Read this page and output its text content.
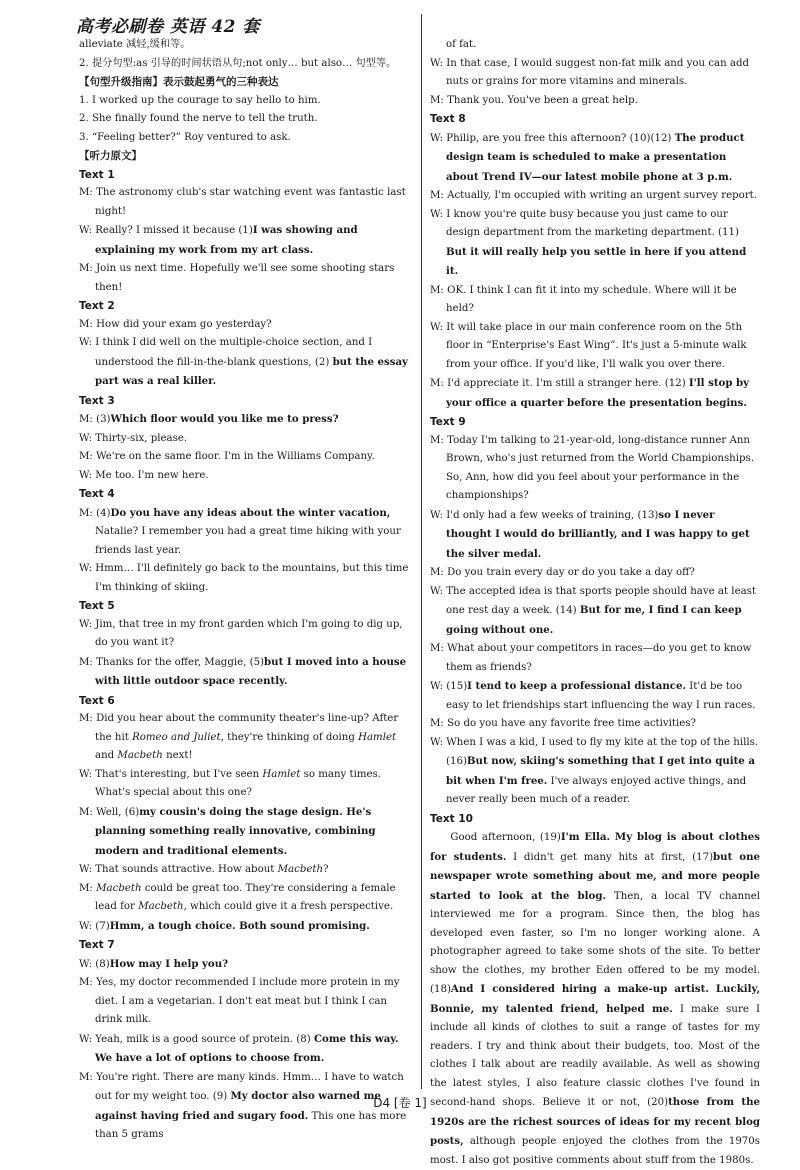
高考必刷卷 英语 42 套
alleviate 减轻,缓和等。
2. 提分句型:as 引导的时间状语从句;not only… but also… 句型等。
【句型升级指南】表示鼓起勇气的三种表达
1. I worked up the courage to say hello to him.
2. She finally found the nerve to tell the truth.
3. “Feeling better?” Roy ventured to ask.
【听力原文】
Text 1
M: The astronomy club's star watching event was fantastic last night!
W: Really? I missed it because (1)I was showing and explaining my work from my art class.
M: Join us next time. Hopefully we'll see some shooting stars then!
Text 2
M: How did your exam go yesterday?
W: I think I did well on the multiple-choice section, and I understood the fill-in-the-blank questions, (2) but the essay part was a real killer.
Text 3
M: (3)Which floor would you like me to press?
W: Thirty-six, please.
M: We're on the same floor. I'm in the Williams Company.
W: Me too. I'm new here.
Text 4
M: (4)Do you have any ideas about the winter vacation, Natalie? I remember you had a great time hiking with your friends last year.
W: Hmm… I'll definitely go back to the mountains, but this time I'm thinking of skiing.
Text 5
W: Jim, that tree in my front garden which I'm going to dig up, do you want it?
M: Thanks for the offer, Maggie, (5)but I moved into a house with little outdoor space recently.
Text 6
M: Did you hear about the community theater's line-up? After the hit Romeo and Juliet, they're thinking of doing Hamlet and Macbeth next!
W: That's interesting, but I've seen Hamlet so many times. What's special about this one?
M: Well, (6)my cousin's doing the stage design. He's planning something really innovative, combining modern and traditional elements.
W: That sounds attractive. How about Macbeth?
M: Macbeth could be great too. They're considering a female lead for Macbeth, which could give it a fresh perspective.
W: (7)Hmm, a tough choice. Both sound promising.
Text 7
W: (8)How may I help you?
M: Yes, my doctor recommended I include more protein in my diet. I am a vegetarian. I don't eat meat but I think I can drink milk.
W: Yeah, milk is a good source of protein. (8) Come this way. We have a lot of options to choose from.
M: You're right. There are many kinds. Hmm… I have to watch out for my weight too. (9) My doctor also warned me against having fried and sugary food. This one has more than 5 grams
of fat.
W: In that case, I would suggest non-fat milk and you can add nuts or grains for more vitamins and minerals.
M: Thank you. You've been a great help.
Text 8
W: Philip, are you free this afternoon? (10)(12) The product design team is scheduled to make a presentation about Trend IV—our latest mobile phone at 3 p.m.
M: Actually, I'm occupied with writing an urgent survey report.
W: I know you're quite busy because you just came to our design department from the marketing department. (11) But it will really help you settle in here if you attend it.
M: OK. I think I can fit it into my schedule. Where will it be held?
W: It will take place in our main conference room on the 5th floor in “Enterprise's East Wing”. It's just a 5-minute walk from your office. If you'd like, I'll walk you over there.
M: I'd appreciate it. I'm still a stranger here. (12) I'll stop by your office a quarter before the presentation begins.
Text 9
M: Today I'm talking to 21-year-old, long-distance runner Ann Brown, who's just returned from the World Championships. So, Ann, how did you feel about your performance in the championships?
W: I'd only had a few weeks of training, (13)so I never thought I would do brilliantly, and I was happy to get the silver medal.
M: Do you train every day or do you take a day off?
W: The accepted idea is that sports people should have at least one rest day a week. (14) But for me, I find I can keep going without one.
M: What about your competitors in races—do you get to know them as friends?
W: (15)I tend to keep a professional distance. It'd be too easy to let friendships start influencing the way I run races.
M: So do you have any favorite free time activities?
W: When I was a kid, I used to fly my kite at the top of the hills. (16)But now, skiing's something that I get into quite a bit when I'm free. I've always enjoyed active things, and never really been much of a reader.
Text 10
Good afternoon, (19)I'm Ella. My blog is about clothes for students. I didn't get many hits at first, (17)but one newspaper wrote something about me, and more people started to look at the blog. Then, a local TV channel interviewed me for a program. Since then, the blog has developed even faster, so I'm no longer working alone. A photographer agreed to take some shots of the site. To better show the clothes, my brother Eden offered to be my model. (18)And I considered hiring a make-up artist. Luckily, Bonnie, my talented friend, helped me. I make sure I include all kinds of clothes to suit a range of tastes for my readers. I try and think about their budgets, too. Most of the clothes I talk about are readily available. As well as showing the latest styles, I also feature classic clothes I've found in second-hand shops. Believe it or not, (20)those from the 1920s are the richest sources of ideas for my recent blog posts, although people enjoyed the clothes from the 1970s most. I also got positive comments about stuff from the 1980s.
D4 [卷 1]
